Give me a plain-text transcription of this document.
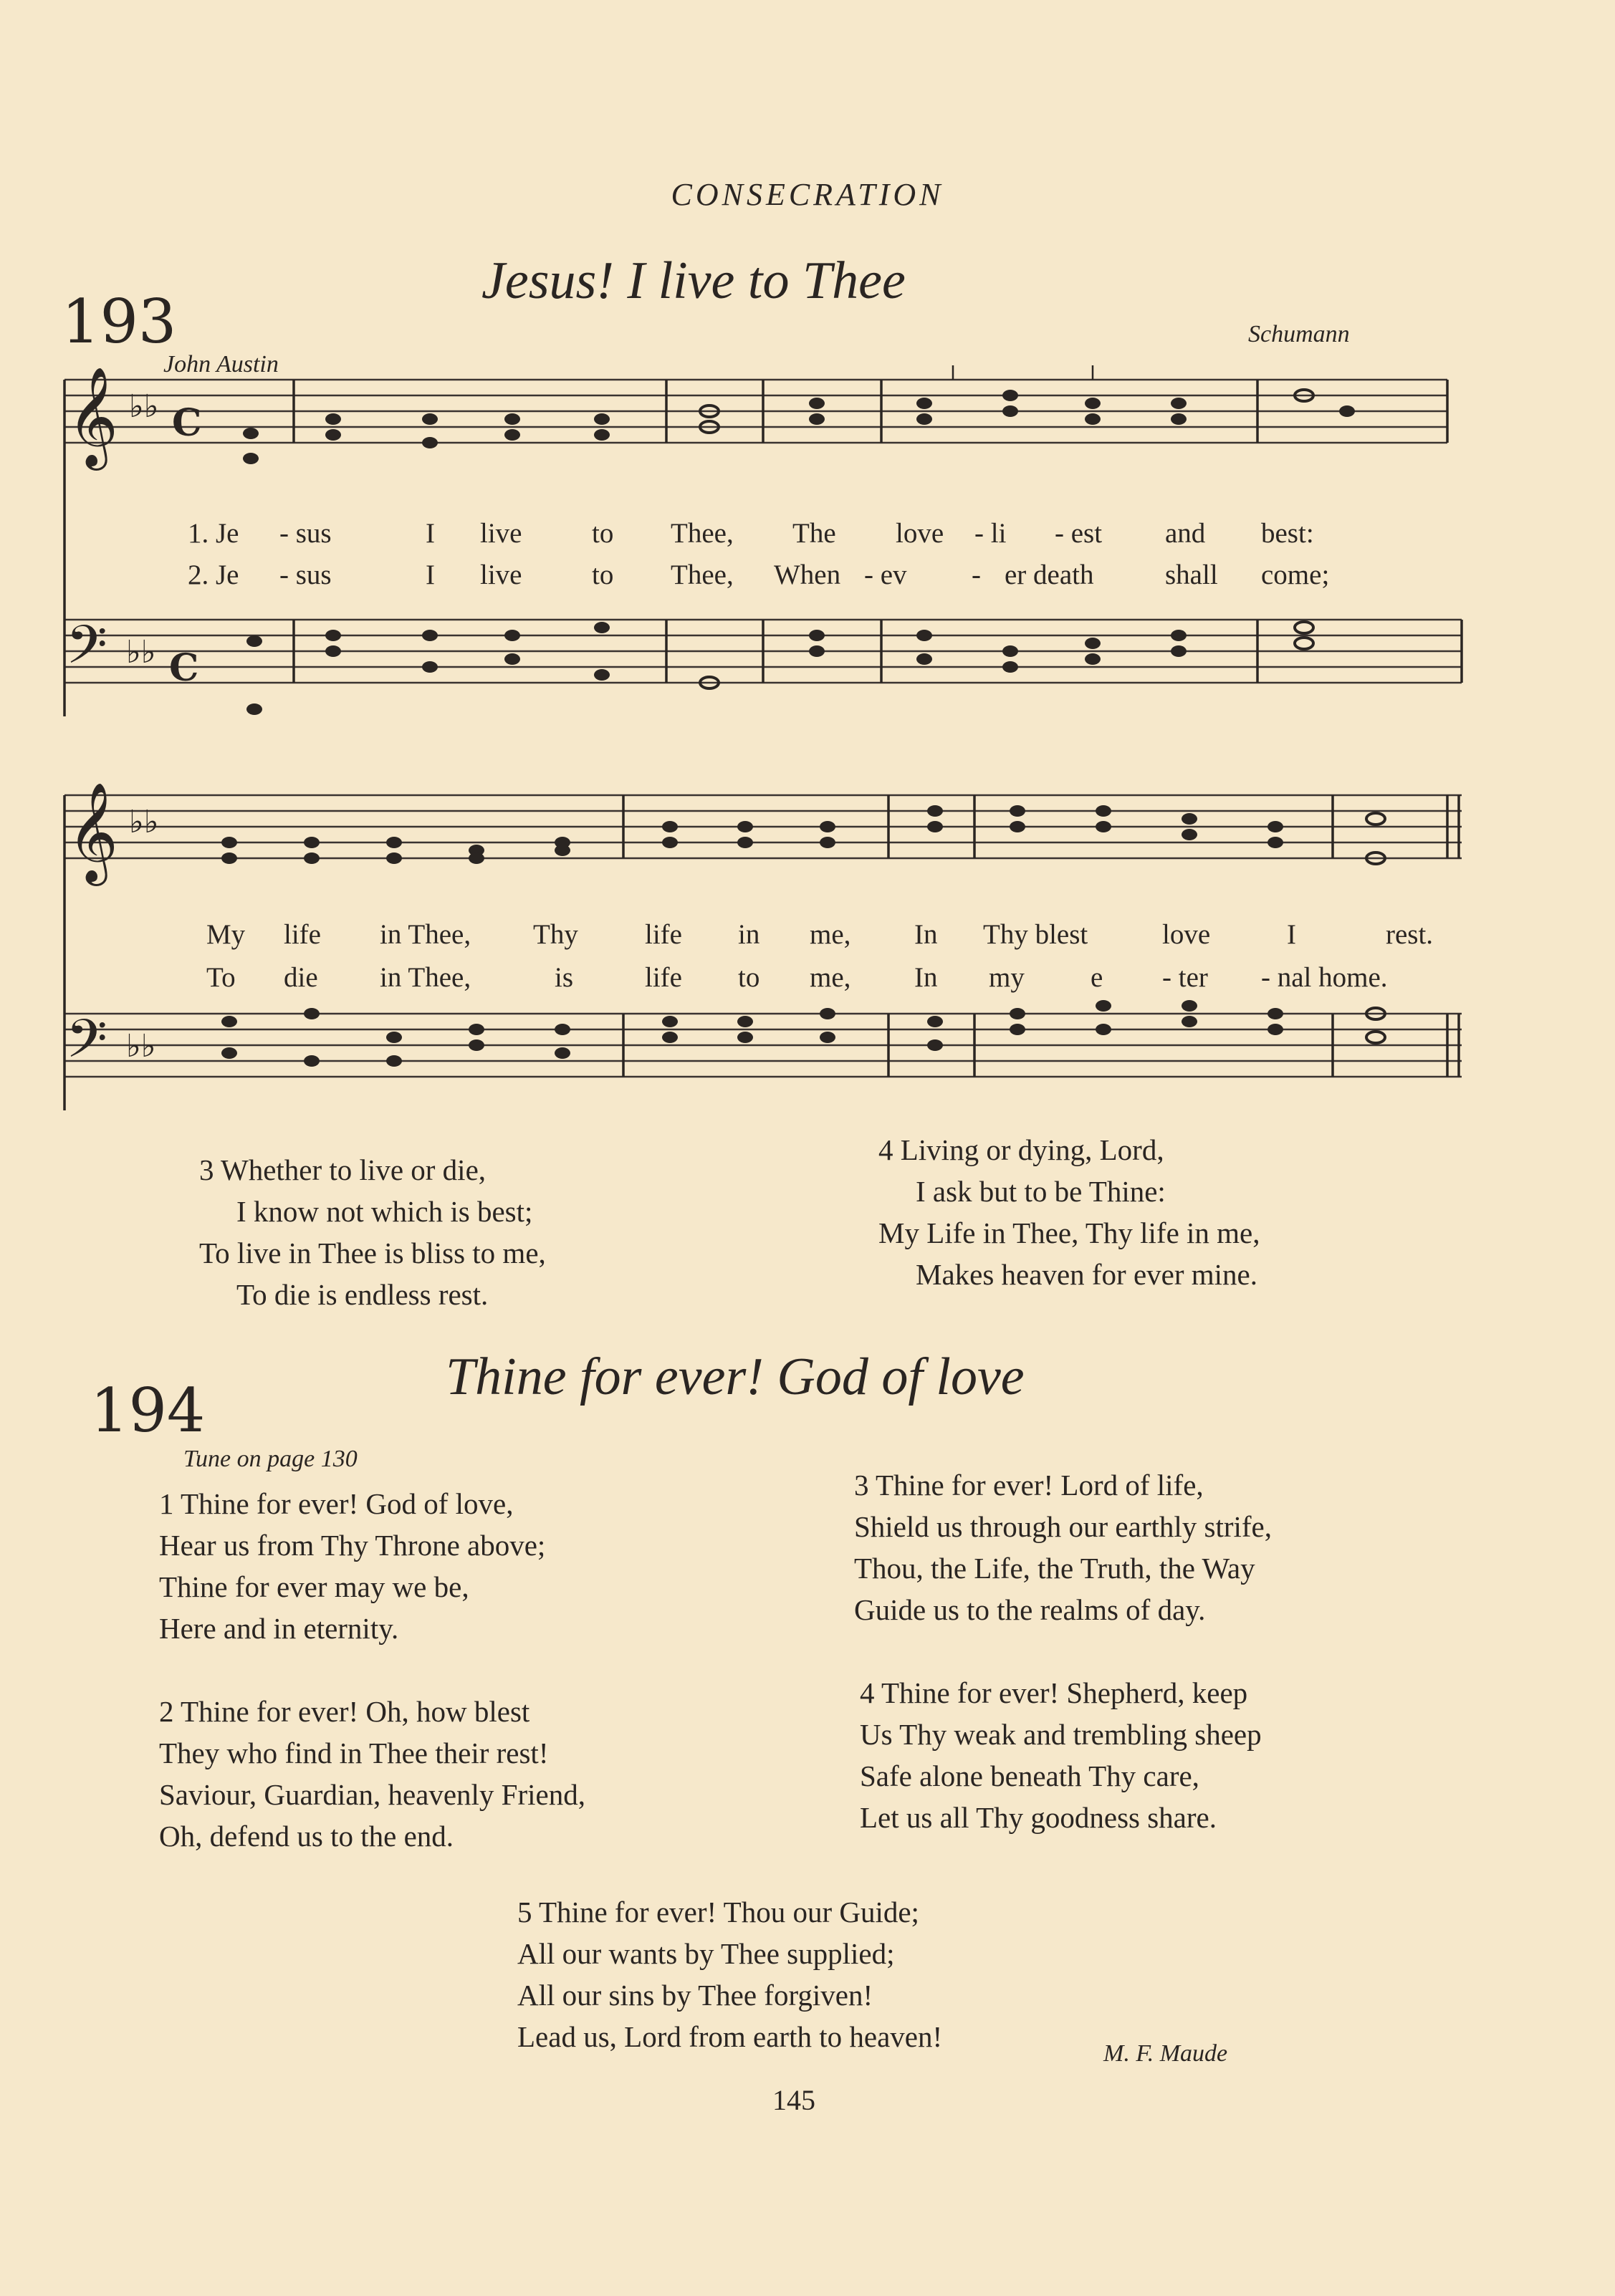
CONSECRATION
193
Jesus! I live to Thee
John Austin
Schumann
𝄞
𝄢
♭♭ C
♭♭ C
1. Je - sus	I live	to Thee, The love - li - est and best:
2. Je - sus	I live	to Thee, When - ev - er death	shall come;
𝄞
𝄢
♭♭
♭♭
My life in Thee, Thy life in me, In Thy blest	love	I	rest.
To die in Thee,	is	life to me, In my e - ter - nal home.
3 Whether to live or die,
I know not which is best;
To live in Thee is bliss to me,
To die is endless rest.
4 Living or dying, Lord,
I ask but to be Thine:
My Life in Thee, Thy life in me,
Makes heaven for ever mine.
194	Thine for ever! God of love
Tune on page 130
1 Thine for ever! God of love,
Hear us from Thy Throne above;
Thine for ever may we be,
Here and in eternity.
3 Thine for ever! Lord of life,
Shield us through our earthly strife,
Thou, the Life, the Truth, the Way
Guide us to the realms of day.
2 Thine for ever! Oh, how blest
They who find in Thee their rest!
Saviour, Guardian, heavenly Friend,
Oh, defend us to the end.
4 Thine for ever! Shepherd, keep
Us Thy weak and trembling sheep
Safe alone beneath Thy care,
Let us all Thy goodness share.
5 Thine for ever! Thou our Guide;
All our wants by Thee supplied;
All our sins by Thee forgiven!
Lead us, Lord from earth to heaven!
M. F. Maude
145
